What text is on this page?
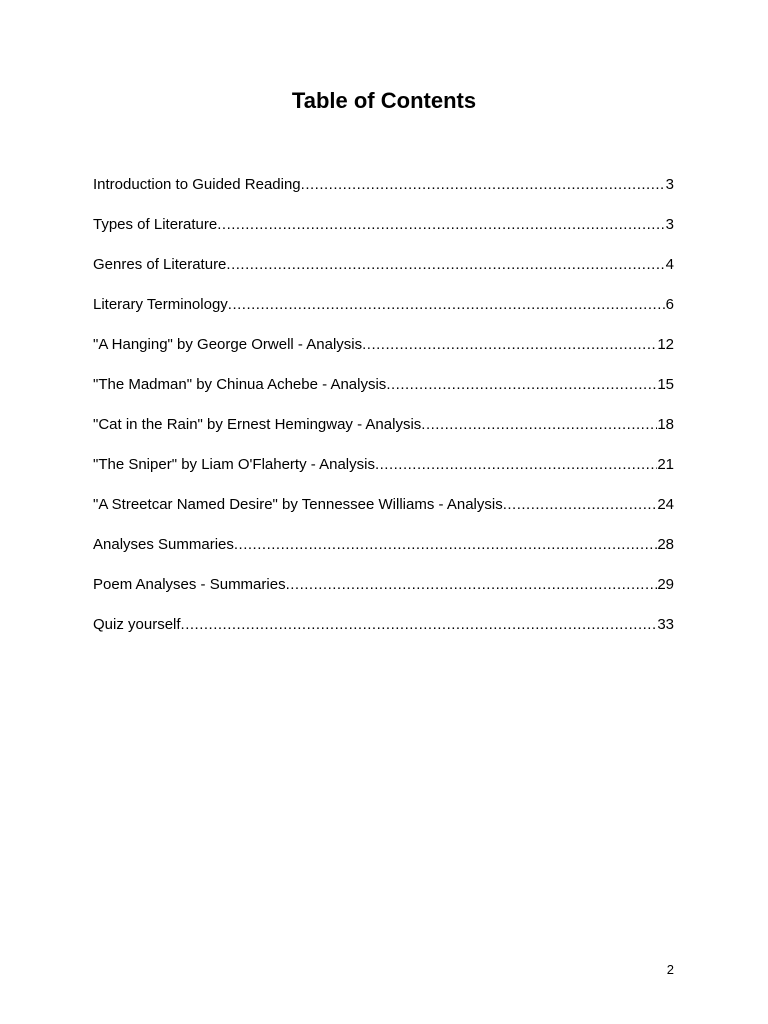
Table of Contents
Introduction to Guided Reading .....	3
Types of Literature .....	3
Genres of Literature .....	4
Literary Terminology .....	6
"A Hanging" by George Orwell - Analysis .....	12
"The Madman" by Chinua Achebe - Analysis .....	15
"Cat in the Rain" by Ernest Hemingway - Analysis .....	18
"The Sniper" by Liam O'Flaherty - Analysis .....	21
"A Streetcar Named Desire" by Tennessee Williams - Analysis .....	24
Analyses Summaries .....	28
Poem Analyses - Summaries .....	29
Quiz yourself .....	33
2
